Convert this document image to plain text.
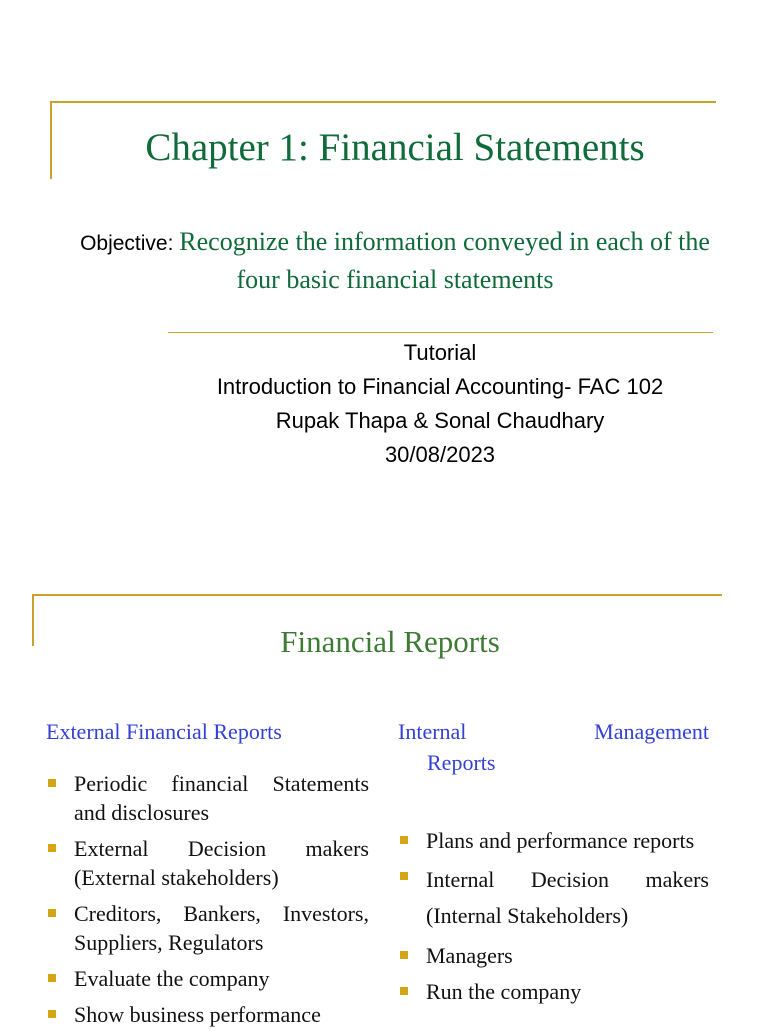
Chapter 1: Financial Statements
Objective: Recognize the information conveyed in each of the four basic financial statements
Tutorial
Introduction to Financial Accounting- FAC 102
Rupak Thapa & Sonal Chaudhary
30/08/2023
Financial Reports
External Financial Reports
Periodic financial Statements and disclosures
External Decision makers (External stakeholders)
Creditors, Bankers, Investors, Suppliers, Regulators
Evaluate the company
Show business performance
Internal Management
Reports
Plans and performance reports
Internal Decision makers (Internal Stakeholders)
Managers
Run the company
